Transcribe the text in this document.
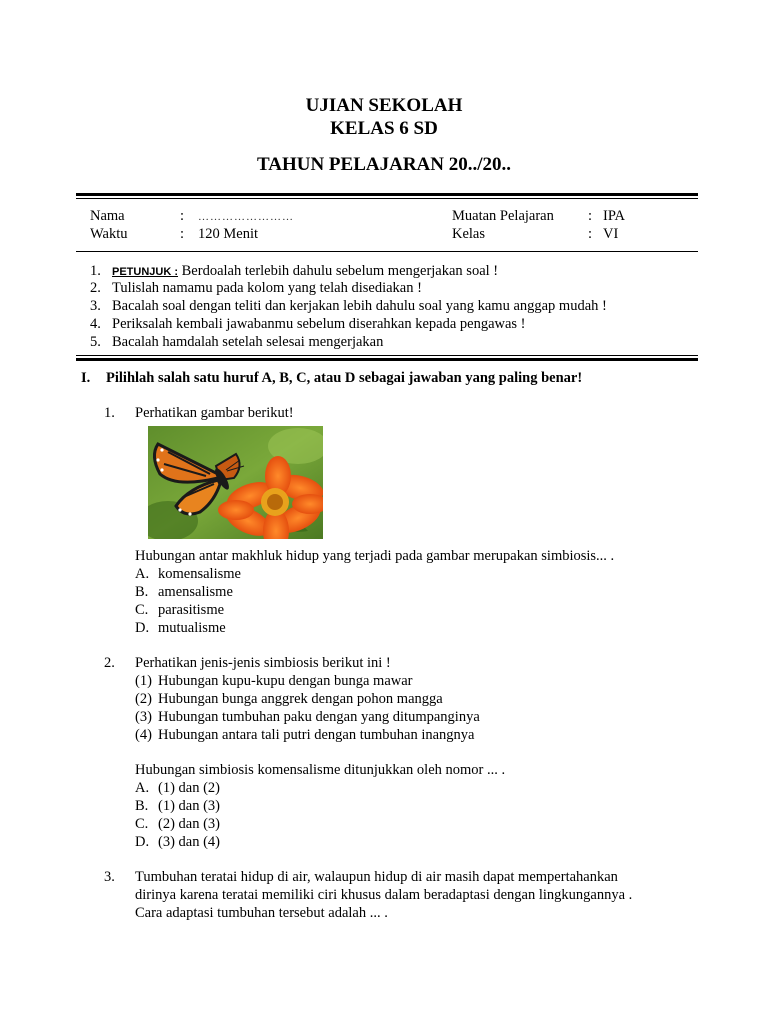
UJIAN SEKOLAH
KELAS 6 SD
TAHUN PELAJARAN 20../20..
Nama	: ……………………
Waktu	: 120 Menit
Muatan Pelajaran : IPA
Kelas	: VI
1. PETUNJUK : Berdoalah terlebih dahulu sebelum mengerjakan soal !
2. Tulislah namamu pada kolom yang telah disediakan !
3. Bacalah soal dengan teliti dan kerjakan lebih dahulu soal yang kamu anggap mudah !
4. Periksalah kembali jawabanmu sebelum diserahkan kepada pengawas !
5. Bacalah hamdalah setelah selesai mengerjakan
I. Pilihlah salah satu huruf A, B, C, atau D sebagai jawaban yang paling benar!
1. Perhatikan gambar berikut!
Hubungan antar makhluk hidup yang terjadi pada gambar merupakan simbiosis... .
A. komensalisme
B. amensalisme
C. parasitisme
D. mutualisme
2. Perhatikan jenis-jenis simbiosis berikut ini !
(1) Hubungan kupu-kupu dengan bunga mawar
(2) Hubungan bunga anggrek dengan pohon mangga
(3) Hubungan tumbuhan paku dengan yang ditumpanginya
(4) Hubungan antara tali putri dengan tumbuhan inangnya
Hubungan simbiosis komensalisme ditunjukkan oleh nomor ... .
A. (1) dan (2)
B. (1) dan (3)
C. (2) dan (3)
D. (3) dan (4)
3. Tumbuhan teratai hidup di air, walaupun hidup di air masih dapat mempertahankan
dirinya karena teratai memiliki ciri khusus dalam beradaptasi dengan lingkungannya .
Cara adaptasi tumbuhan tersebut adalah ... .
